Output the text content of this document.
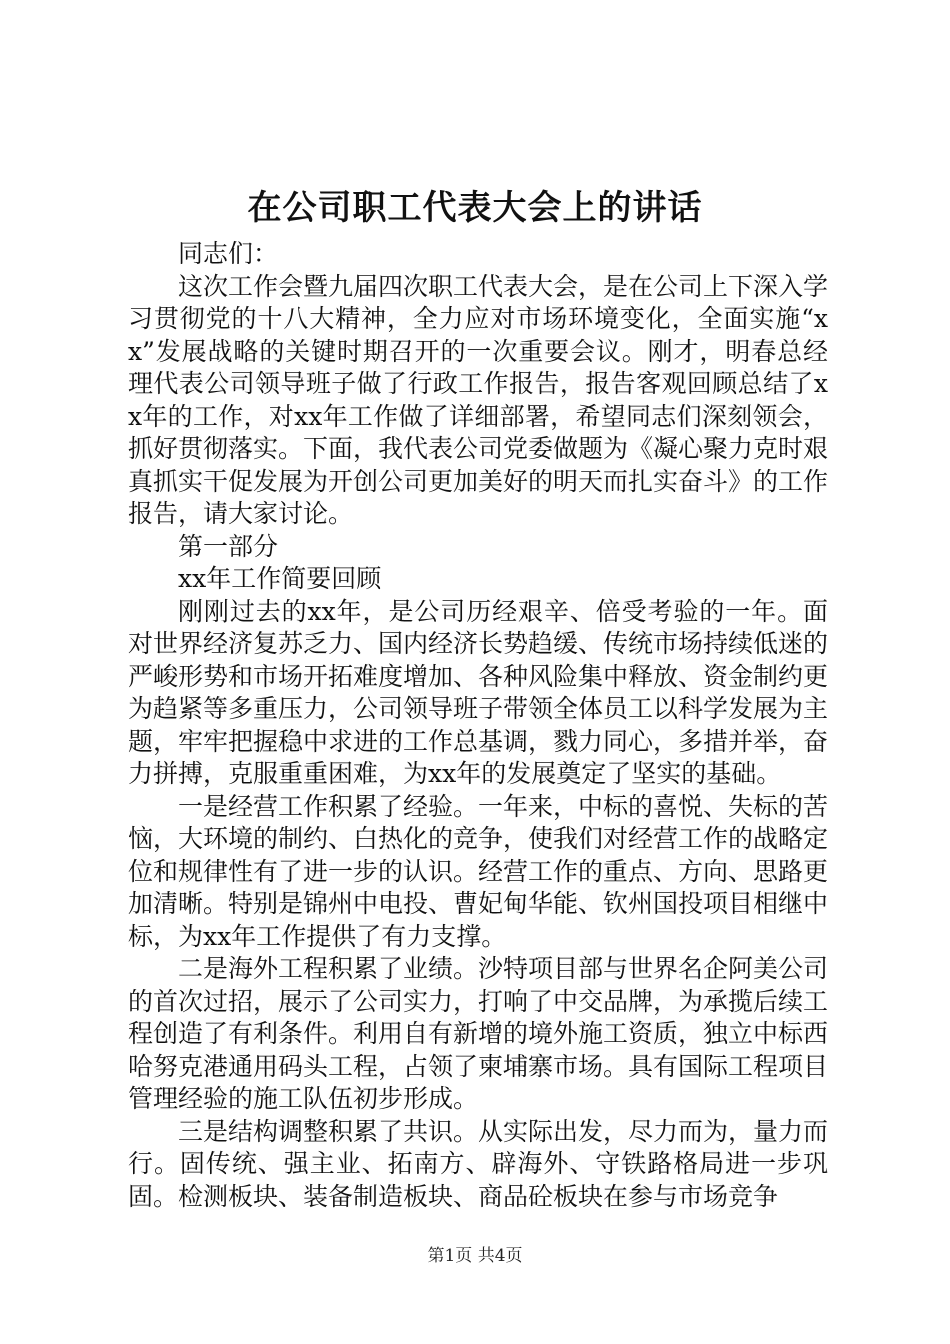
在公司职工代表大会上的讲话

同志们：

这次工作会暨九届四次职工代表大会，是在公司上下深入学习贯彻党的十八大精神，全力应对市场环境变化，全面实施“xx”发展战略的关键时期召开的一次重要会议。刚才，明春总经理代表公司领导班子做了行政工作报告，报告客观回顾总结了xx年的工作，对xx年工作做了详细部署，希望同志们深刻领会，抓好贯彻落实。下面，我代表公司党委做题为《凝心聚力克时艰真抓实干促发展为开创公司更加美好的明天而扎实奋斗》的工作报告，请大家讨论。

第一部分

xx年工作简要回顾

刚刚过去的xx年，是公司历经艰辛、倍受考验的一年。面对世界经济复苏乏力、国内经济长势趋缓、传统市场持续低迷的严峻形势和市场开拓难度增加、各种风险集中释放、资金制约更为趋紧等多重压力，公司领导班子带领全体员工以科学发展为主题，牢牢把握稳中求进的工作总基调，戮力同心，多措并举，奋力拼搏，克服重重困难，为xx年的发展奠定了坚实的基础。

一是经营工作积累了经验。一年来，中标的喜悦、失标的苦恼，大环境的制约、白热化的竞争，使我们对经营工作的战略定位和规律性有了进一步的认识。经营工作的重点、方向、思路更加清晰。特别是锦州中电投、曹妃甸华能、钦州国投项目相继中标，为xx年工作提供了有力支撑。

二是海外工程积累了业绩。沙特项目部与世界名企阿美公司的首次过招，展示了公司实力，打响了中交品牌，为承揽后续工程创造了有利条件。利用自有新增的境外施工资质，独立中标西哈努克港通用码头工程，占领了柬埔寨市场。具有国际工程项目管理经验的施工队伍初步形成。

三是结构调整积累了共识。从实际出发，尽力而为，量力而行。固传统、强主业、拓南方、辟海外、守铁路格局进一步巩固。检测板块、装备制造板块、商品砼板块在参与市场竞争

第1页 共4页
